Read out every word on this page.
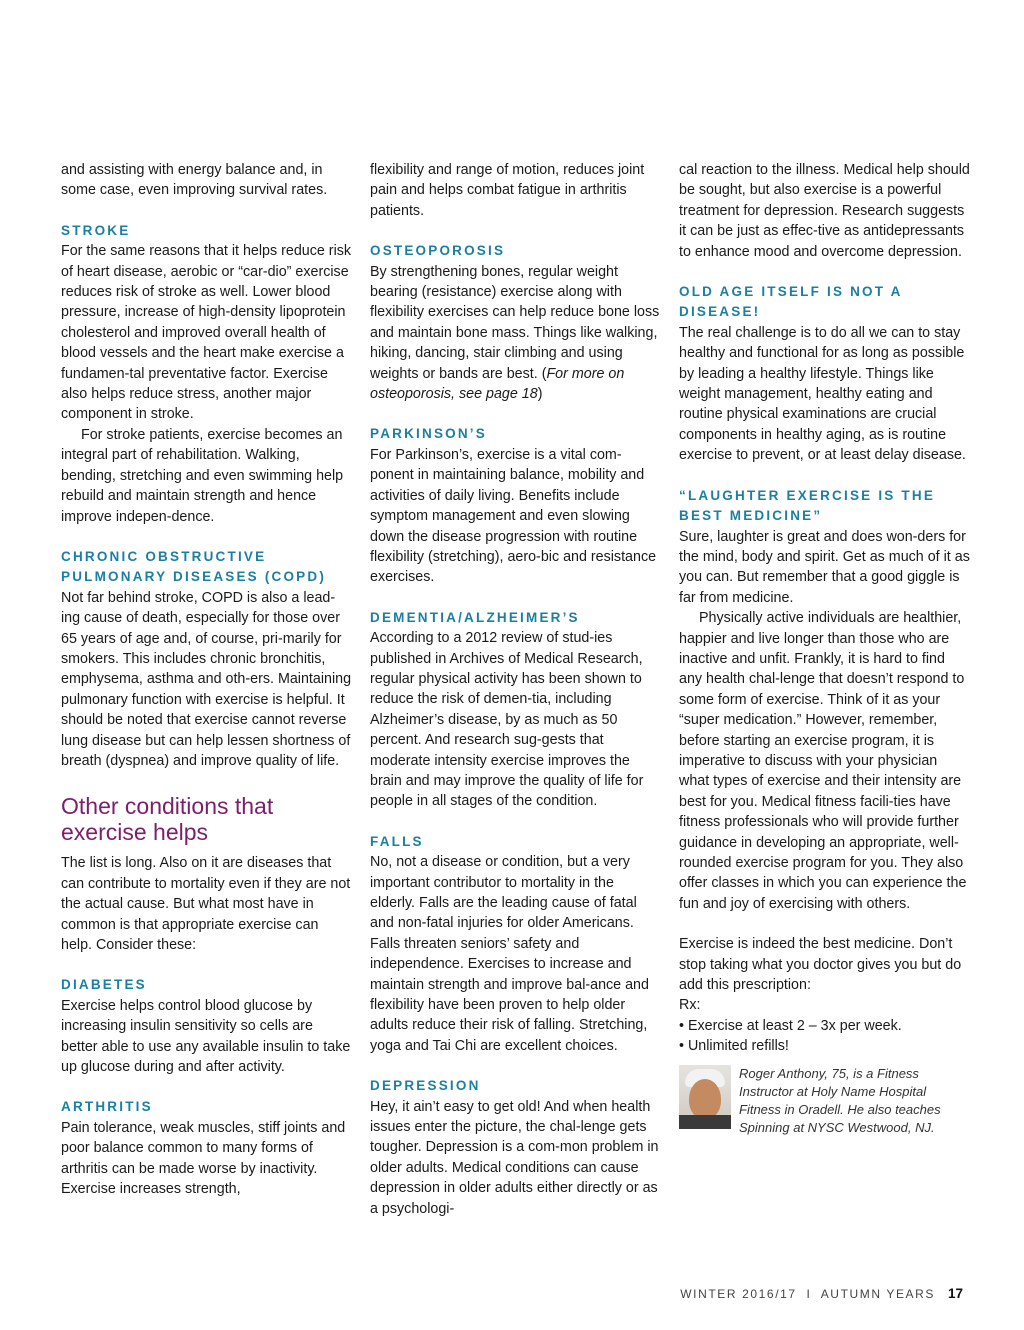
and assisting with energy balance and, in some case, even improving survival rates.

STROKE

For the same reasons that it helps reduce risk of heart disease, aerobic or “car-dio” exercise reduces risk of stroke as well. Lower blood pressure, increase of high-density lipoprotein cholesterol and improved overall health of blood vessels and the heart make exercise a fundamen-tal preventative factor. Exercise also helps reduce stress, another major component in stroke.

For stroke patients, exercise becomes an integral part of rehabilitation. Walking, bending, stretching and even swimming help rebuild and maintain strength and hence improve indepen-dence.

CHRONIC OBSTRUCTIVE PULMONARY DISEASES (COPD)

Not far behind stroke, COPD is also a lead-ing cause of death, especially for those over 65 years of age and, of course, pri-marily for smokers. This includes chronic bronchitis, emphysema, asthma and oth-ers. Maintaining pulmonary function with exercise is helpful. It should be noted that exercise cannot reverse lung disease but can help lessen shortness of breath (dyspnea) and improve quality of life.

Other conditions that exercise helps

The list is long. Also on it are diseases that can contribute to mortality even if they are not the actual cause. But what most have in common is that appropriate exercise can help. Consider these:

DIABETES

Exercise helps control blood glucose by increasing insulin sensitivity so cells are better able to use any available insulin to take up glucose during and after activity.

ARTHRITIS

Pain tolerance, weak muscles, stiff joints and poor balance common to many forms of arthritis can be made worse by inactivity. Exercise increases strength,

flexibility and range of motion, reduces joint pain and helps combat fatigue in arthritis patients.

OSTEOPOROSIS

By strengthening bones, regular weight bearing (resistance) exercise along with flexibility exercises can help reduce bone loss and maintain bone mass. Things like walking, hiking, dancing, stair climbing and using weights or bands are best. (For more on osteoporosis, see page 18)

PARKINSON’S

For Parkinson’s, exercise is a vital com-ponent in maintaining balance, mobility and activities of daily living. Benefits include symptom management and even slowing down the disease progression with routine flexibility (stretching), aero-bic and resistance exercises.

DEMENTIA/ALZHEIMER’S

According to a 2012 review of stud-ies published in Archives of Medical Research, regular physical activity has been shown to reduce the risk of demen-tia, including Alzheimer’s disease, by as much as 50 percent. And research sug-gests that moderate intensity exercise improves the brain and may improve the quality of life for people in all stages of the condition.

FALLS

No, not a disease or condition, but a very important contributor to mortality in the elderly. Falls are the leading cause of fatal and non-fatal injuries for older Americans. Falls threaten seniors’ safety and independence. Exercises to increase and maintain strength and improve bal-ance and flexibility have been proven to help older adults reduce their risk of falling. Stretching, yoga and Tai Chi are excellent choices.

DEPRESSION

Hey, it ain’t easy to get old! And when health issues enter the picture, the chal-lenge gets tougher. Depression is a com-mon problem in older adults. Medical conditions can cause depression in older adults either directly or as a psychologi-

cal reaction to the illness. Medical help should be sought, but also exercise is a powerful treatment for depression. Research suggests it can be just as effec-tive as antidepressants to enhance mood and overcome depression.

OLD AGE ITSELF IS NOT A DISEASE!

The real challenge is to do all we can to stay healthy and functional for as long as possible by leading a healthy lifestyle. Things like weight management, healthy eating and routine physical examinations are crucial components in healthy aging, as is routine exercise to prevent, or at least delay disease.

“LAUGHTER EXERCISE IS THE BEST MEDICINE”

Sure, laughter is great and does won-ders for the mind, body and spirit. Get as much of it as you can. But remember that a good giggle is far from medicine.

Physically active individuals are healthier, happier and live longer than those who are inactive and unfit. Frankly, it is hard to find any health chal-lenge that doesn’t respond to some form of exercise. Think of it as your “super medication.” However, remember, before starting an exercise program, it is imperative to discuss with your physician what types of exercise and their intensity are best for you. Medical fitness facili-ties have fitness professionals who will provide further guidance in developing an appropriate, well-rounded exercise program for you. They also offer classes in which you can experience the fun and joy of exercising with others.

Exercise is indeed the best medicine. Don’t stop taking what you doctor gives you but do add this prescription:

Rx:

• Exercise at least 2 – 3x per week.

• Unlimited refills!

Roger Anthony, 75, is a Fitness Instructor at Holy Name Hospital Fitness in Oradell. He also teaches Spinning at NYSC Westwood, NJ.

WINTER 2016/17 I AUTUMN YEARS 17
